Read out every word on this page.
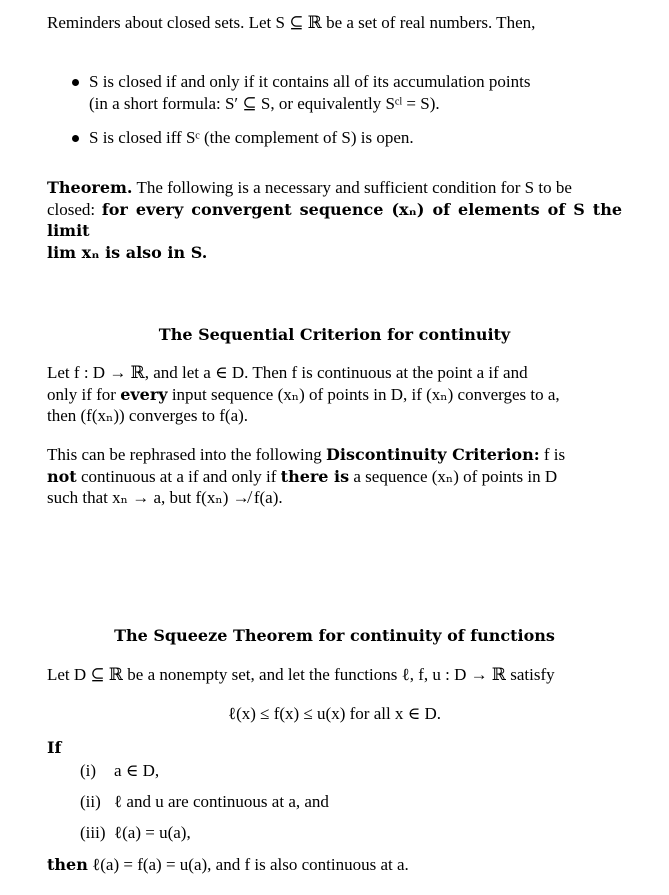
Reminders about closed sets. Let S ⊆ ℝ be a set of real numbers. Then,
S is closed if and only if it contains all of its accumulation points
(in a short formula: S′ ⊆ S, or equivalently Sᶜˡ = S).
S is closed iff Sᶜ (the complement of S) is open.
Theorem. The following is a necessary and sufficient condition for S to be
closed: for every convergent sequence (xₙ) of elements of S the limit
lim xₙ is also in S.
The Sequential Criterion for continuity
Let f : D → ℝ, and let a ∈ D. Then f is continuous at the point a if and
only if for every input sequence (xₙ) of points in D, if (xₙ) converges to a,
then (f(xₙ)) converges to f(a).
This can be rephrased into the following Discontinuity Criterion: f is
not continuous at a if and only if there is a sequence (xₙ) of points in D
such that xₙ → a, but f(xₙ) ↛ f(a).
The Squeeze Theorem for continuity of functions
Let D ⊆ ℝ be a nonempty set, and let the functions ℓ, f, u : D → ℝ satisfy
ℓ(x) ≤ f(x) ≤ u(x) for all x ∈ D.
If
(i) a ∈ D,
(ii) ℓ and u are continuous at a, and
(iii) ℓ(a) = u(a),
then ℓ(a) = f(a) = u(a), and f is also continuous at a.
